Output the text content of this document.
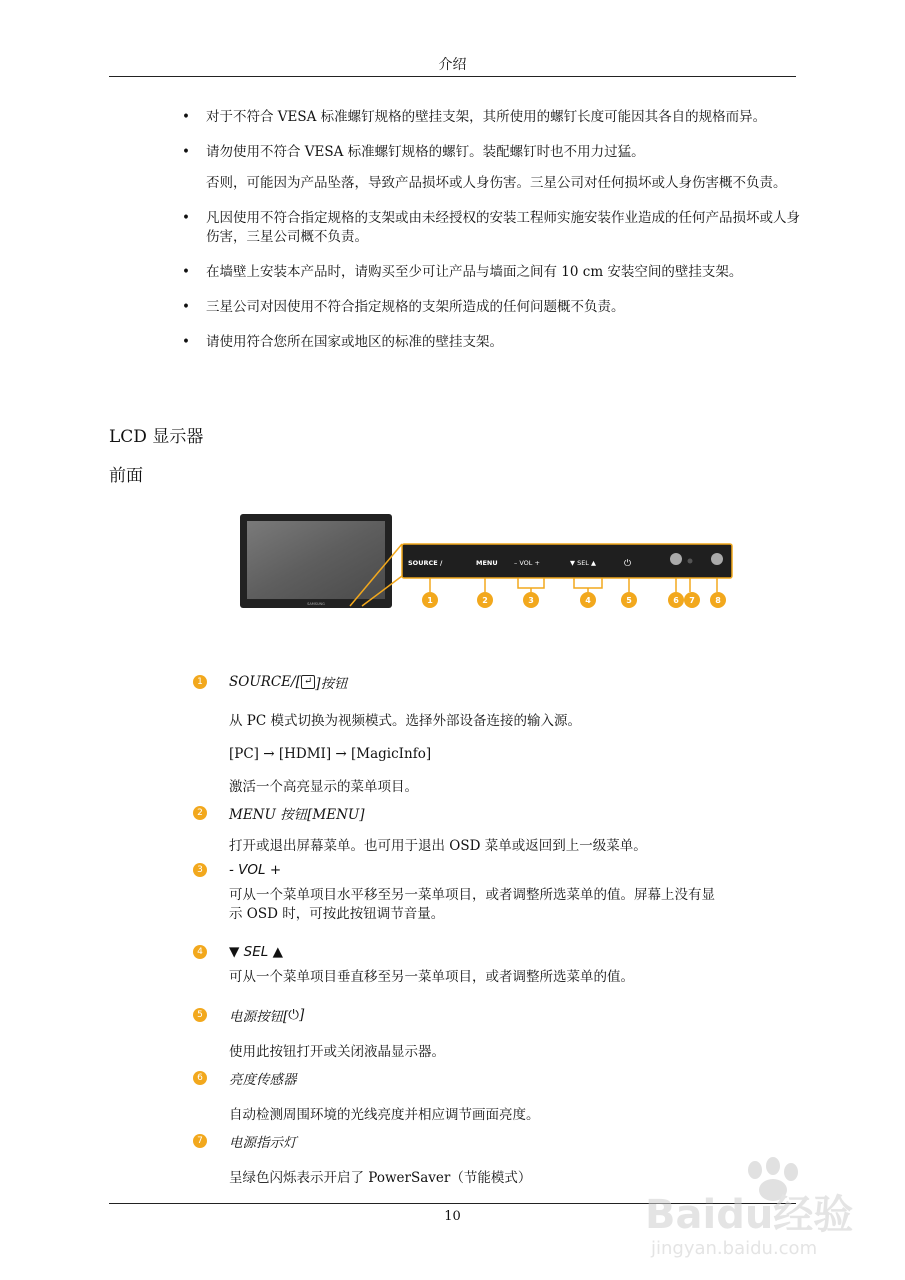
介绍
• 对于不符合 VESA 标准螺钉规格的壁挂支架，其所使用的螺钉长度可能因其各自的规格而异。
• 请勿使用不符合 VESA 标准螺钉规格的螺钉。装配螺钉时也不用力过猛。

否则，可能因为产品坠落，导致产品损坏或人身伤害。三星公司对任何损坏或人身伤害概不负责。

• 凡因使用不符合指定规格的支架或由未经授权的安装工程师实施安装作业造成的任何产品损坏或人身伤害，三星公司概不负责。
• 在墙壁上安装本产品时，请购买至少可让产品与墙面之间有 10 cm 安装空间的壁挂支架。
• 三星公司对因使用不符合指定规格的支架所造成的任何问题概不负责。
• 请使用符合您所在国家或地区的标准的壁挂支架。
LCD 显示器
前面
SAMSUNG
SOURCE /	MENU	– VOL +	▼ SEL ▲	⏻
1	2	3	4	5	6 7	8
1	SOURCE/[ ↵ ]按钮

从 PC 模式切换为视频模式。选择外部设备连接的输入源。

[PC] → [HDMI] → [MagicInfo]

激活一个高亮显示的菜单项目。

2	MENU 按钮[MENU]

打开或退出屏幕菜单。也可用于退出 OSD 菜单或返回到上一级菜单。

3	- VOL +

可从一个菜单项目水平移至另一菜单项目，或者调整所选菜单的值。屏幕上没有显示 OSD 时，可按此按钮调节音量。

4	▼ SEL ▲

可从一个菜单项目垂直移至另一菜单项目，或者调整所选菜单的值。

5	电源按钮[ ⏻ ]

使用此按钮打开或关闭液晶显示器。

6	亮度传感器

自动检测周围环境的光线亮度并相应调节画面亮度。

7	电源指示灯

呈绿色闪烁表示开启了 PowerSaver（节能模式）

10	Baidu经验
jingyan.baidu.com
